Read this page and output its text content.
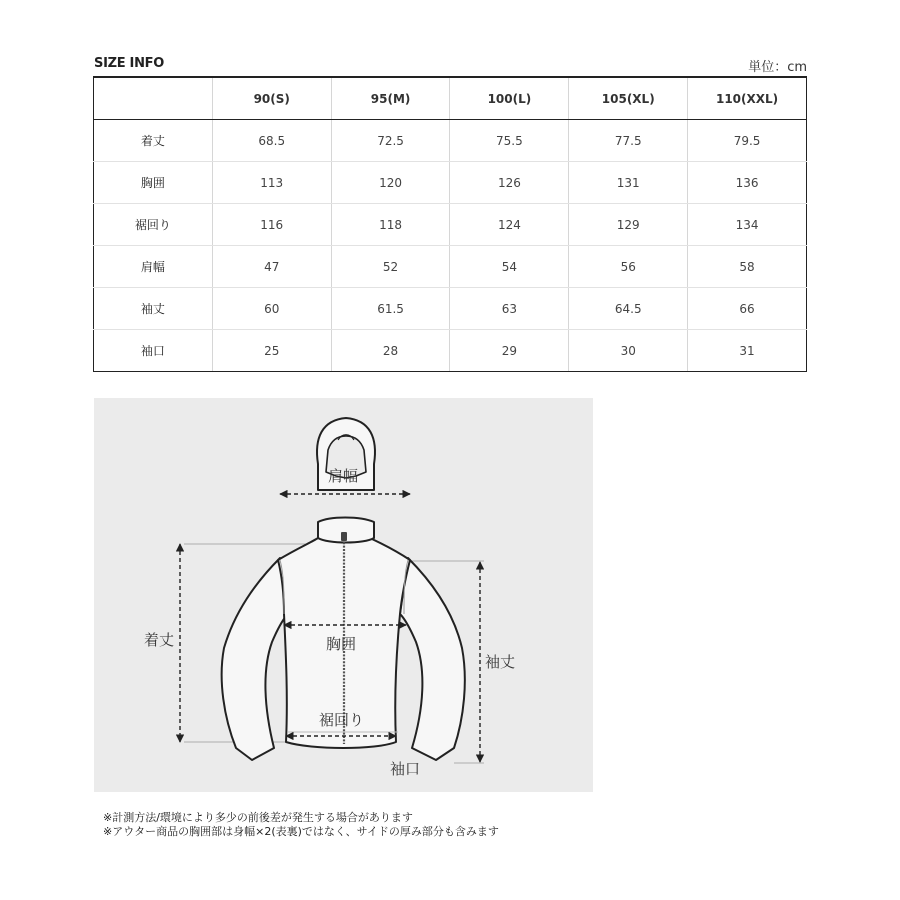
SIZE INFO	単位：cm
	90(S)	95(M)	100(L)	105(XL)	110(XXL)
着丈	68.5	72.5	75.5	77.5	79.5
胸囲	113	120	126	131	136
裾回り	116	118	124	129	134
肩幅	47	52	54	56	58
袖丈	60	61.5	63	64.5	66
袖口	25	28	29	30	31
肩幅
着丈	胸囲
袖丈
裾回り
袖口
※計測方法/環境により多少の前後差が発生する場合があります
※アウター商品の胸囲部は身幅×2(表裏)ではなく、サイドの厚み部分も含みます
